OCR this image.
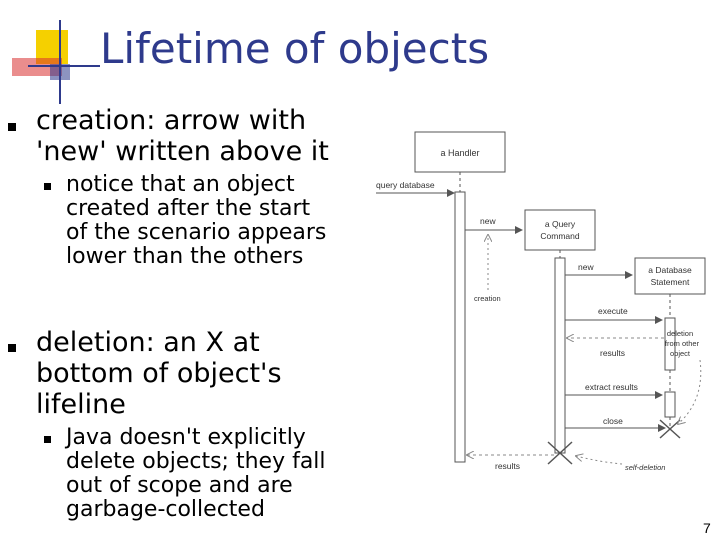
Lifetime of objects
creation: arrow with
'new' written above it
notice that an object
created after the start
of the scenario appears
lower than the others
deletion: an X at
bottom of object's
lifeline
Java doesn't explicitly
delete objects; they fall
out of scope and are
garbage-collected
a Handler
query database
new	a Query
Command
creation
new	a Database
Statement
execute
results
extract results
close
deletion
from other
object
results	self-deletion
7
